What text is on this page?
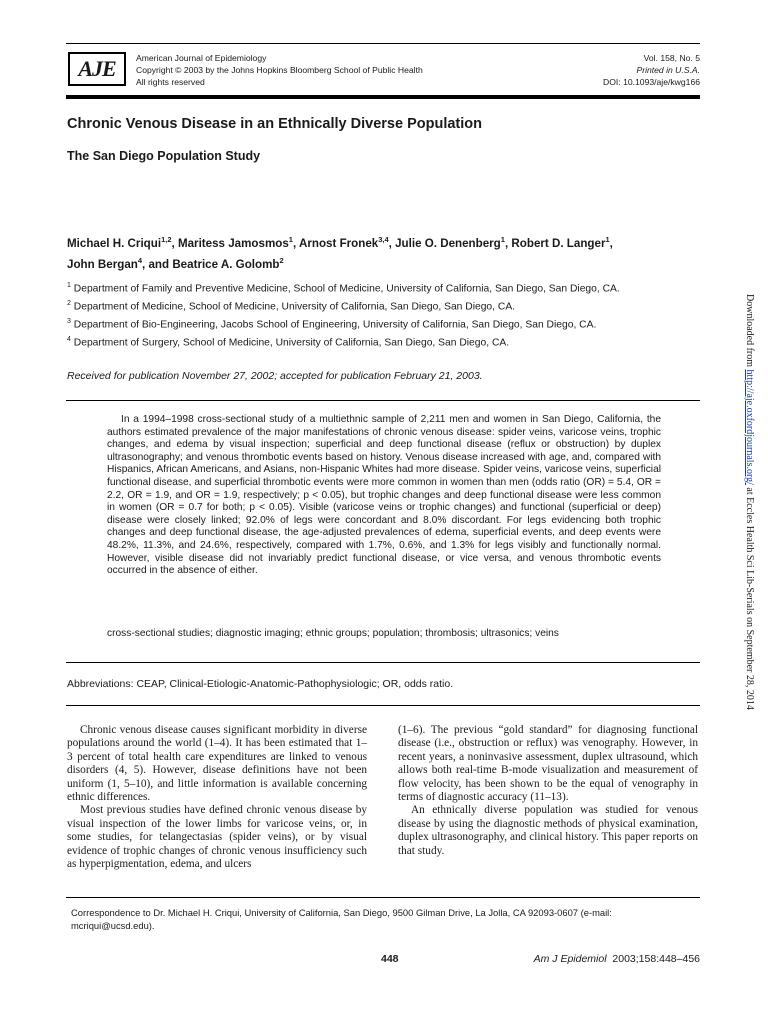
AJE American Journal of Epidemiology
Copyright © 2003 by the Johns Hopkins Bloomberg School of Public Health
All rights reserved
Vol. 158, No. 5
Printed in U.S.A.
DOI: 10.1093/aje/kwg166
Chronic Venous Disease in an Ethnically Diverse Population
The San Diego Population Study
Michael H. Criqui$^{1,2}$, Maritess Jamosmos$^1$, Arnost Fronek$^{3,4}$, Julie O. Denenberg$^1$, Robert D. Langer$^1$, John Bergan$^4$, and Beatrice A. Golomb$^2$
$^1$ Department of Family and Preventive Medicine, School of Medicine, University of California, San Diego, San Diego, CA.
$^2$ Department of Medicine, School of Medicine, University of California, San Diego, San Diego, CA.
$^3$ Department of Bio-Engineering, Jacobs School of Engineering, University of California, San Diego, San Diego, CA.
$^4$ Department of Surgery, School of Medicine, University of California, San Diego, San Diego, CA.
Received for publication November 27, 2002; accepted for publication February 21, 2003.

In a 1994–1998 cross-sectional study of a multiethnic sample of 2,211 men and women in San Diego, California, the authors estimated prevalence of the major manifestations of chronic venous disease: spider veins, varicose veins, trophic changes, and edema by visual inspection; superficial and deep functional disease (reflux or obstruction) by duplex ultrasonography; and venous thrombotic events based on history. Venous disease increased with age, and, compared with Hispanics, African Americans, and Asians, non-Hispanic Whites had more disease. Spider veins, varicose veins, superficial functional disease, and superficial thrombotic events were more common in women than men (odds ratio (OR) = 5.4, OR = 2.2, OR = 1.9, and OR = 1.9, respectively; p < 0.05), but trophic changes and deep functional disease were less common in women (OR = 0.7 for both; p < 0.05). Visible (varicose veins or trophic changes) and functional (superficial or deep) disease were closely linked; 92.0% of legs were concordant and 8.0% discordant. For legs evidencing both trophic changes and deep functional disease, the age-adjusted prevalences of edema, superficial events, and deep events were 48.2%, 11.3%, and 24.6%, respectively, compared with 1.7%, 0.6%, and 1.3% for legs visibly and functionally normal. However, visible disease did not invariably predict functional disease, or vice versa, and venous thrombotic events occurred in the absence of either.

cross-sectional studies; diagnostic imaging; ethnic groups; population; thrombosis; ultrasonics; veins
Abbreviations: CEAP, Clinical-Etiologic-Anatomic-Pathophysiologic; OR, odds ratio.

Chronic venous disease causes significant morbidity in diverse populations around the world (1–4). It has been estimated that 1–3 percent of total health care expenditures are linked to venous disorders (4, 5). However, disease definitions have not been uniform (1, 5–10), and little information is available concerning ethnic differences.

Most previous studies have defined chronic venous disease by visual inspection of the lower limbs for varicose veins, or, in some studies, for telangectasias (spider veins), or by visual evidence of trophic changes of chronic venous insufficiency such as hyperpigmentation, edema, and ulcers

(1–6). The previous “gold standard” for diagnosing functional disease (i.e., obstruction or reflux) was venography. However, in recent years, a noninvasive assessment, duplex ultrasound, which allows both real-time B-mode visualization and measurement of flow velocity, has been shown to be the equal of venography in terms of diagnostic accuracy (11–13).

An ethnically diverse population was studied for venous disease by using the diagnostic methods of physical examination, duplex ultrasonography, and clinical history. This paper reports on that study.

Correspondence to Dr. Michael H. Criqui, University of California, San Diego, 9500 Gilman Drive, La Jolla, CA 92093-0607 (e-mail: mcriqui@ucsd.edu).
448	Am J Epidemiol 2003;158:448–456
Downloaded from http://aje.oxfordjournals.org/ at Eccles Health Sci Lib-Serials on September 28, 2014
